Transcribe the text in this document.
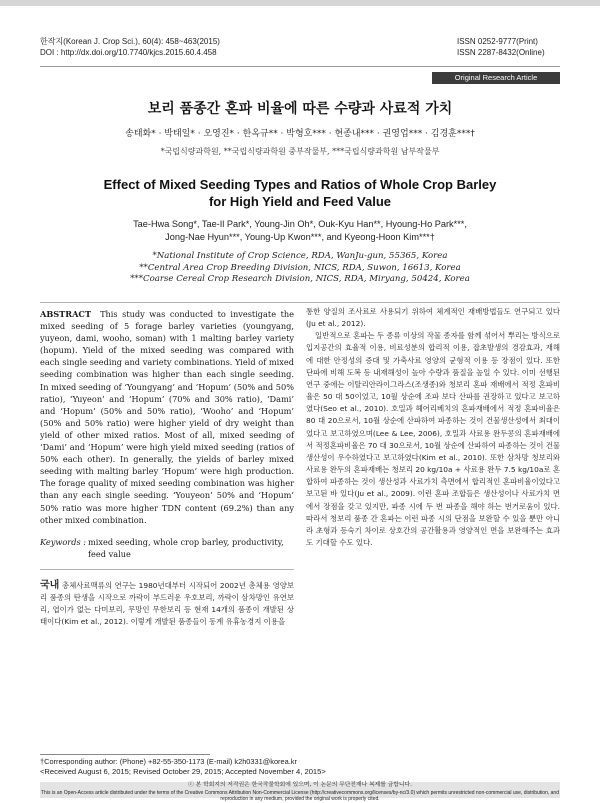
한작지(Korean J. Crop Sci.), 60(4): 458~463(2015)
DOI : http://dx.doi.org/10.7740/kjcs.2015.60.4.458
ISSN 0252-9777(Print)
ISSN 2287-8432(Online)
Original Research Article
보리 품종간 혼파 비율에 따른 수량과 사료적 가치
송태화* · 박태일* · 오영진* · 한옥규** · 박형호*** · 현종내*** · 권영업*** · 김경훈***†
*국립식량과학원, **국립식량과학원 중부작물부, ***국립식량과학원 남부작물부
Effect of Mixed Seeding Types and Ratios of Whole Crop Barley
for High Yield and Feed Value
Tae-Hwa Song*, Tae-Il Park*, Young-Jin Oh*, Ouk-Kyu Han**, Hyoung-Ho Park***,
Jong-Nae Hyun***, Young-Up Kwon***, and Kyeong-Hoon Kim***†
*National Institute of Crop Science, RDA, WanJu-gun, 55365, Korea
**Central Area Crop Breeding Division, NICS, RDA, Suwon, 16613, Korea
***Coarse Cereal Crop Research Division, NICS, RDA, Miryang, 50424, Korea
ABSTRACT This study was conducted to investigate the mixed seeding of 5 forage barley varieties (youngyang, yuyeon, dami, wooho, soman) with 1 malting barley variety (hopum). Yield of the mixed seeding was compared with each single seeding and variety combinations. Yield of mixed seeding combination was higher than each single seeding. In mixed seeding of ‘Youngyang’ and ‘Hopum’ (50% and 50% ratio), ‘Yuyeon’ and ‘Hopum’ (70% and 30% ratio), ‘Dami’ and ‘Hopum’ (50% and 50% ratio), ‘Wooho’ and ‘Hopum’ (50% and 50% ratio) were higher yield of dry weight than yield of other mixed ratios. Most of all, mixed seeding of ‘Dami’ and ‘Hopum’ were high yield mixed seeding (ratios of 50% each other). In generally, the yields of barley mixed seeding with malting barley ‘Hopum’ were high production. The forage quality of mixed seeding combination was higher than any each single seeding. ‘Youyeon’ 50% and ‘Hopum’ 50% ratio was more higher TDN content (69.2%) than any other mixed combination.
Keywords : mixed seeding, whole crop barley, productivity, feed value

국내 총체사료맥류의 연구는 1980년대부터 시작되어 2002년 총체용 영양보리 품종의 탄생을 시작으로 까락이 부드러운 우호보리, 까락이 삼차망인 유연보리, 엽이가 없는 다미보리, 무망인 무한보리 등 현재 14개의 품종이 개발된 상태이다(Kim et al., 2012). 이렇게 개발된 품종들이 동계 유휴농경지 이용을

통한 양질의 조사료로 사용되기 위하여 체계적인 재배방법들도 연구되고 있다(Ju et al., 2012).

일반적으로 혼파는 두 종류 이상의 작물 종자를 함께 섞어서 뿌리는 방식으로 입지공간의 효율적 이용, 비료성분의 합리적 이용, 잡초발생의 경감효과, 재해에 대한 안정성의 증대 및 가축사료 영양의 균형적 이용 등 장점이 있다. 또한 단파에 비해 도복 등 내재해성이 높아 수량과 품질을 높일 수 있다. 이미 선행된 연구 중에는 이탈리안라이그라스(조생종)와 청보리 혼파 재배에서 적정 혼파비율은 50 대 50이었고, 10월 상순에 조파 보다 산파를 권장하고 있다고 보고하였다(Seo et al., 2010). 호밀과 헤어리베치의 혼파재배에서 적정 혼파비율은 80 대 20으로서, 10월 상순에 산파하여 파종하는 것이 건물생산성에서 최대이었다고 보고하였으며(Lee & Lee, 2006), 호밀과 사료용 완두콩의 혼파재배에서 적정혼파비율은 70 대 30으로서, 10월 상순에 산파하여 파종하는 것이 건물생산성이 우수하였다고 보고하였다(Kim et al., 2010). 또한 삼차망 청보리와 사료용 완두의 혼파재배는 청보리 20 kg/10a + 사료용 완두 7.5 kg/10a로 혼합하여 파종하는 것이 생산성과 사료가치 측면에서 합리적인 혼파비율이었다고 보고된 바 있다(Ju et al., 2009). 이런 혼파 조합들은 생산성이나 사료가치 면에서 장점을 갖고 있지만, 파종 시에 두 번 파종을 해야 하는 번거로움이 있다. 따라서 청보리 품종 간 혼파는 이런 파종 시의 단점을 보완할 수 있을 뿐만 아니라 초형과 등숙기 차이로 상호간의 공간활용과 영양적인 면을 보완해주는 효과도 기대할 수도 있다.

†Corresponding author: (Phone) +82-55-350-1173 (E-mail) k2h0331@korea.kr
<Received August 6, 2015; Revised October 29, 2015; Accepted November 4, 2015>
ⓒ 본 학회지의 저작권은 한국작물학회에 있으며, 이 논문의 무단전재나 복제를 금합니다.
This is an Open-Access article distributed under the terms of the Creative Commons Attribution Non-Commercial License (http://creativecommons.org/licenses/by-nc/3.0) which permits unrestricted non-commercial use, distribution, and reproduction in any medium, provided the original work is properly cited.
